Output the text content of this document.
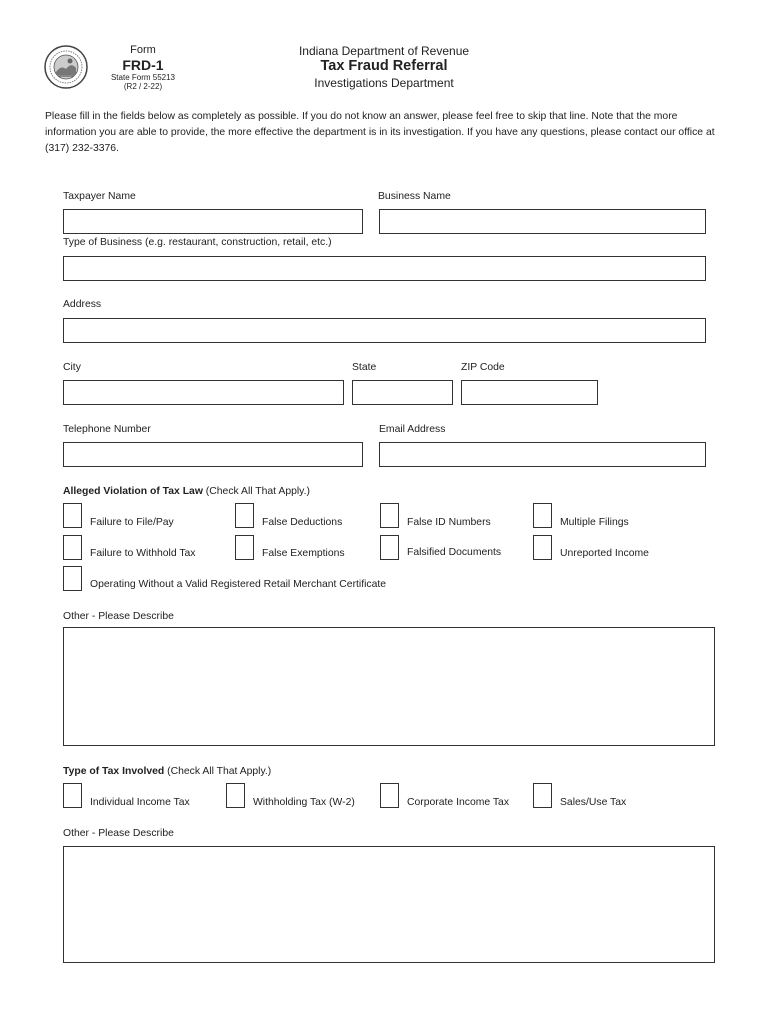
Form
FRD-1
State Form 55213
(R2 / 2-22)
Indiana Department of Revenue
Tax Fraud Referral
Investigations Department
Please fill in the fields below as completely as possible. If you do not know an answer, please feel free to skip that line. Note that the more information you are able to provide, the more effective the department is in its investigation. If you have any questions, please contact our office at (317) 232-3376.
Taxpayer Name	Business Name
Type of Business (e.g. restaurant, construction, retail, etc.)
Address
City	State	ZIP Code
Telephone Number	Email Address
Alleged Violation of Tax Law (Check All That Apply.)
Failure to File/Pay	False Deductions	False ID Numbers	Multiple Filings
Failure to Withhold Tax	False Exemptions	Falsified Documents	Unreported Income
Operating Without a Valid Registered Retail Merchant Certificate
Other - Please Describe
Type of Tax Involved (Check All That Apply.)
Individual Income Tax	Withholding Tax (W-2)	Corporate Income Tax	Sales/Use Tax
Other - Please Describe
